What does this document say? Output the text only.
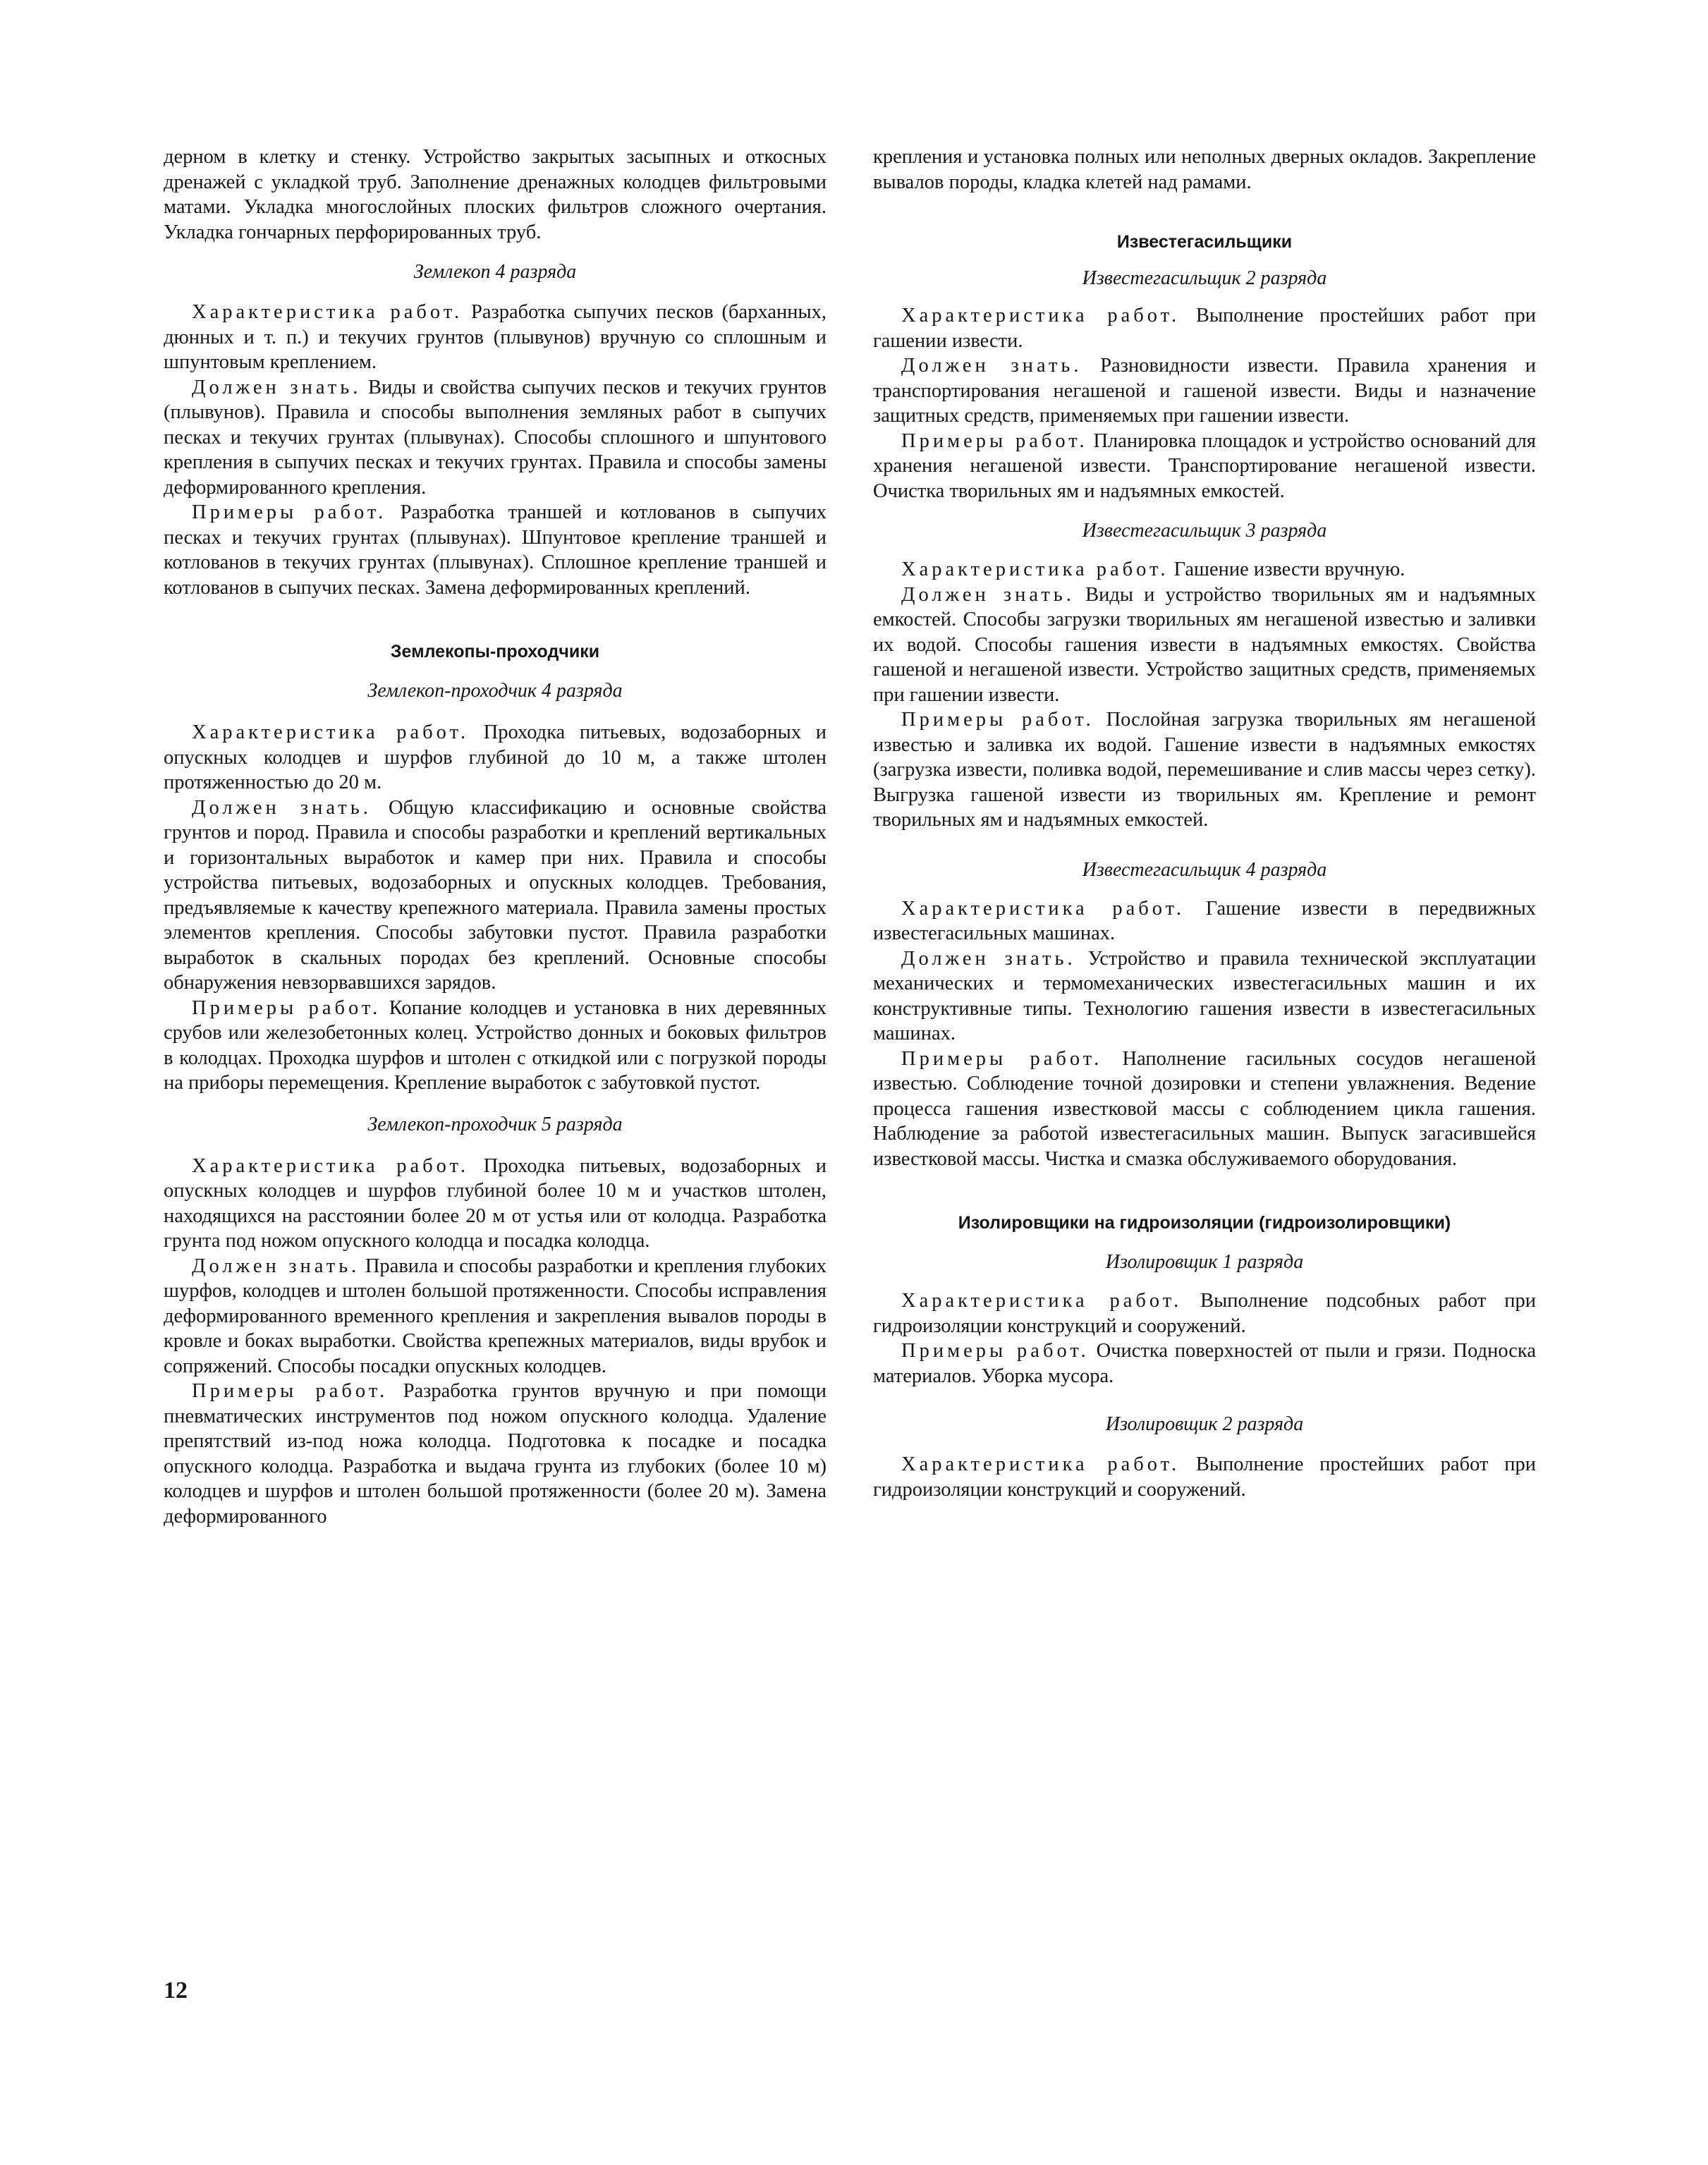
дерном в клетку и стенку. Устройство закрытых засыпных и откосных дренажей с укладкой труб. Заполнение дренажных колодцев фильтровыми матами. Укладка многослойных плоских фильтров сложного очертания. Укладка гончарных перфорированных труб.

Землекоп 4 разряда

Характеристика работ. Разработка сыпучих песков (барханных, дюнных и т. п.) и текучих грунтов (плывунов) вручную со сплошным и шпунтовым креплением.

Должен знать. Виды и свойства сыпучих песков и текучих грунтов (плывунов). Правила и способы выполнения земляных работ в сыпучих песках и текучих грунтах (плывунах). Способы сплошного и шпунтового крепления в сыпучих песках и текучих грунтах. Правила и способы замены деформированного крепления.

Примеры работ. Разработка траншей и котлованов в сыпучих песках и текучих грунтах (плывунах). Шпунтовое крепление траншей и котлованов в текучих грунтах (плывунах). Сплошное крепление траншей и котлованов в сыпучих песках. Замена деформированных креплений.

Землекопы-проходчики
Землекоп-проходчик 4 разряда

Характеристика работ. Проходка питьевых, водозаборных и опускных колодцев и шурфов глубиной до 10 м, а также штолен протяженностью до 20 м.

Должен знать. Общую классификацию и основные свойства грунтов и пород. Правила и способы разработки и креплений вертикальных и горизонтальных выработок и камер при них. Правила и способы устройства питьевых, водозаборных и опускных колодцев. Требования, предъявляемые к качеству крепежного материала. Правила замены простых элементов крепления. Способы забутовки пустот. Правила разработки выработок в скальных породах без креплений. Основные способы обнаружения невзорвавшихся зарядов.

Примеры работ. Копание колодцев и установка в них деревянных срубов или железобетонных колец. Устройство донных и боковых фильтров в колодцах. Проходка шурфов и штолен с откидкой или с погрузкой породы на приборы перемещения. Крепление выработок с забутовкой пустот.

Землекоп-проходчик 5 разряда

Характеристика работ. Проходка питьевых, водозаборных и опускных колодцев и шурфов глубиной более 10 м и участков штолен, находящихся на расстоянии более 20 м от устья или от колодца. Разработка грунта под ножом опускного колодца и посадка колодца.

Должен знать. Правила и способы разработки и крепления глубоких шурфов, колодцев и штолен большой протяженности. Способы исправления деформированного временного крепления и закрепления вывалов породы в кровле и боках выработки. Свойства крепежных материалов, виды врубок и сопряжений. Способы посадки опускных колодцев.

Примеры работ. Разработка грунтов вручную и при помощи пневматических инструментов под ножом опускного колодца. Удаление препятствий из-под ножа колодца. Подготовка к посадке и посадка опускного колодца. Разработка и выдача грунта из глубоких (более 10 м) колодцев и шурфов и штолен большой протяженности (более 20 м). Замена деформированного

крепления и установка полных или неполных дверных окладов. Закрепление вывалов породы, кладка клетей над рамами.

Известегасильщики
Известегасильщик 2 разряда

Характеристика работ. Выполнение простейших работ при гашении извести.

Должен знать. Разновидности извести. Правила хранения и транспортирования негашеной и гашеной извести. Виды и назначение защитных средств, применяемых при гашении извести.

Примеры работ. Планировка площадок и устройство оснований для хранения негашеной извести. Транспортирование негашеной извести. Очистка творильных ям и надъямных емкостей.

Известегасильщик 3 разряда

Характеристика работ. Гашение извести вручную.

Должен знать. Виды и устройство творильных ям и надъямных емкостей. Способы загрузки творильных ям негашеной известью и заливки их водой. Способы гашения извести в надъямных емкостях. Свойства гашеной и негашеной извести. Устройство защитных средств, применяемых при гашении извести.

Примеры работ. Послойная загрузка творильных ям негашеной известью и заливка их водой. Гашение извести в надъямных емкостях (загрузка извести, поливка водой, перемешивание и слив массы через сетку). Выгрузка гашеной извести из творильных ям. Крепление и ремонт творильных ям и надъямных емкостей.

Известегасильщик 4 разряда

Характеристика работ. Гашение извести в передвижных известегасильных машинах.

Должен знать. Устройство и правила технической эксплуатации механических и термомеханических известегасильных машин и их конструктивные типы. Технологию гашения извести в известегасильных машинах.

Примеры работ. Наполнение гасильных сосудов негашеной известью. Соблюдение точной дозировки и степени увлажнения. Ведение процесса гашения известковой массы с соблюдением цикла гашения. Наблюдение за работой известегасильных машин. Выпуск загасившейся известковой массы. Чистка и смазка обслуживаемого оборудования.

Изолировщики на гидроизоляции (гидроизолировщики)
Изолировщик 1 разряда

Характеристика работ. Выполнение подсобных работ при гидроизоляции конструкций и сооружений.

Примеры работ. Очистка поверхностей от пыли и грязи. Подноска материалов. Уборка мусора.

Изолировщик 2 разряда

Характеристика работ. Выполнение простейших работ при гидроизоляции конструкций и сооружений.

12
